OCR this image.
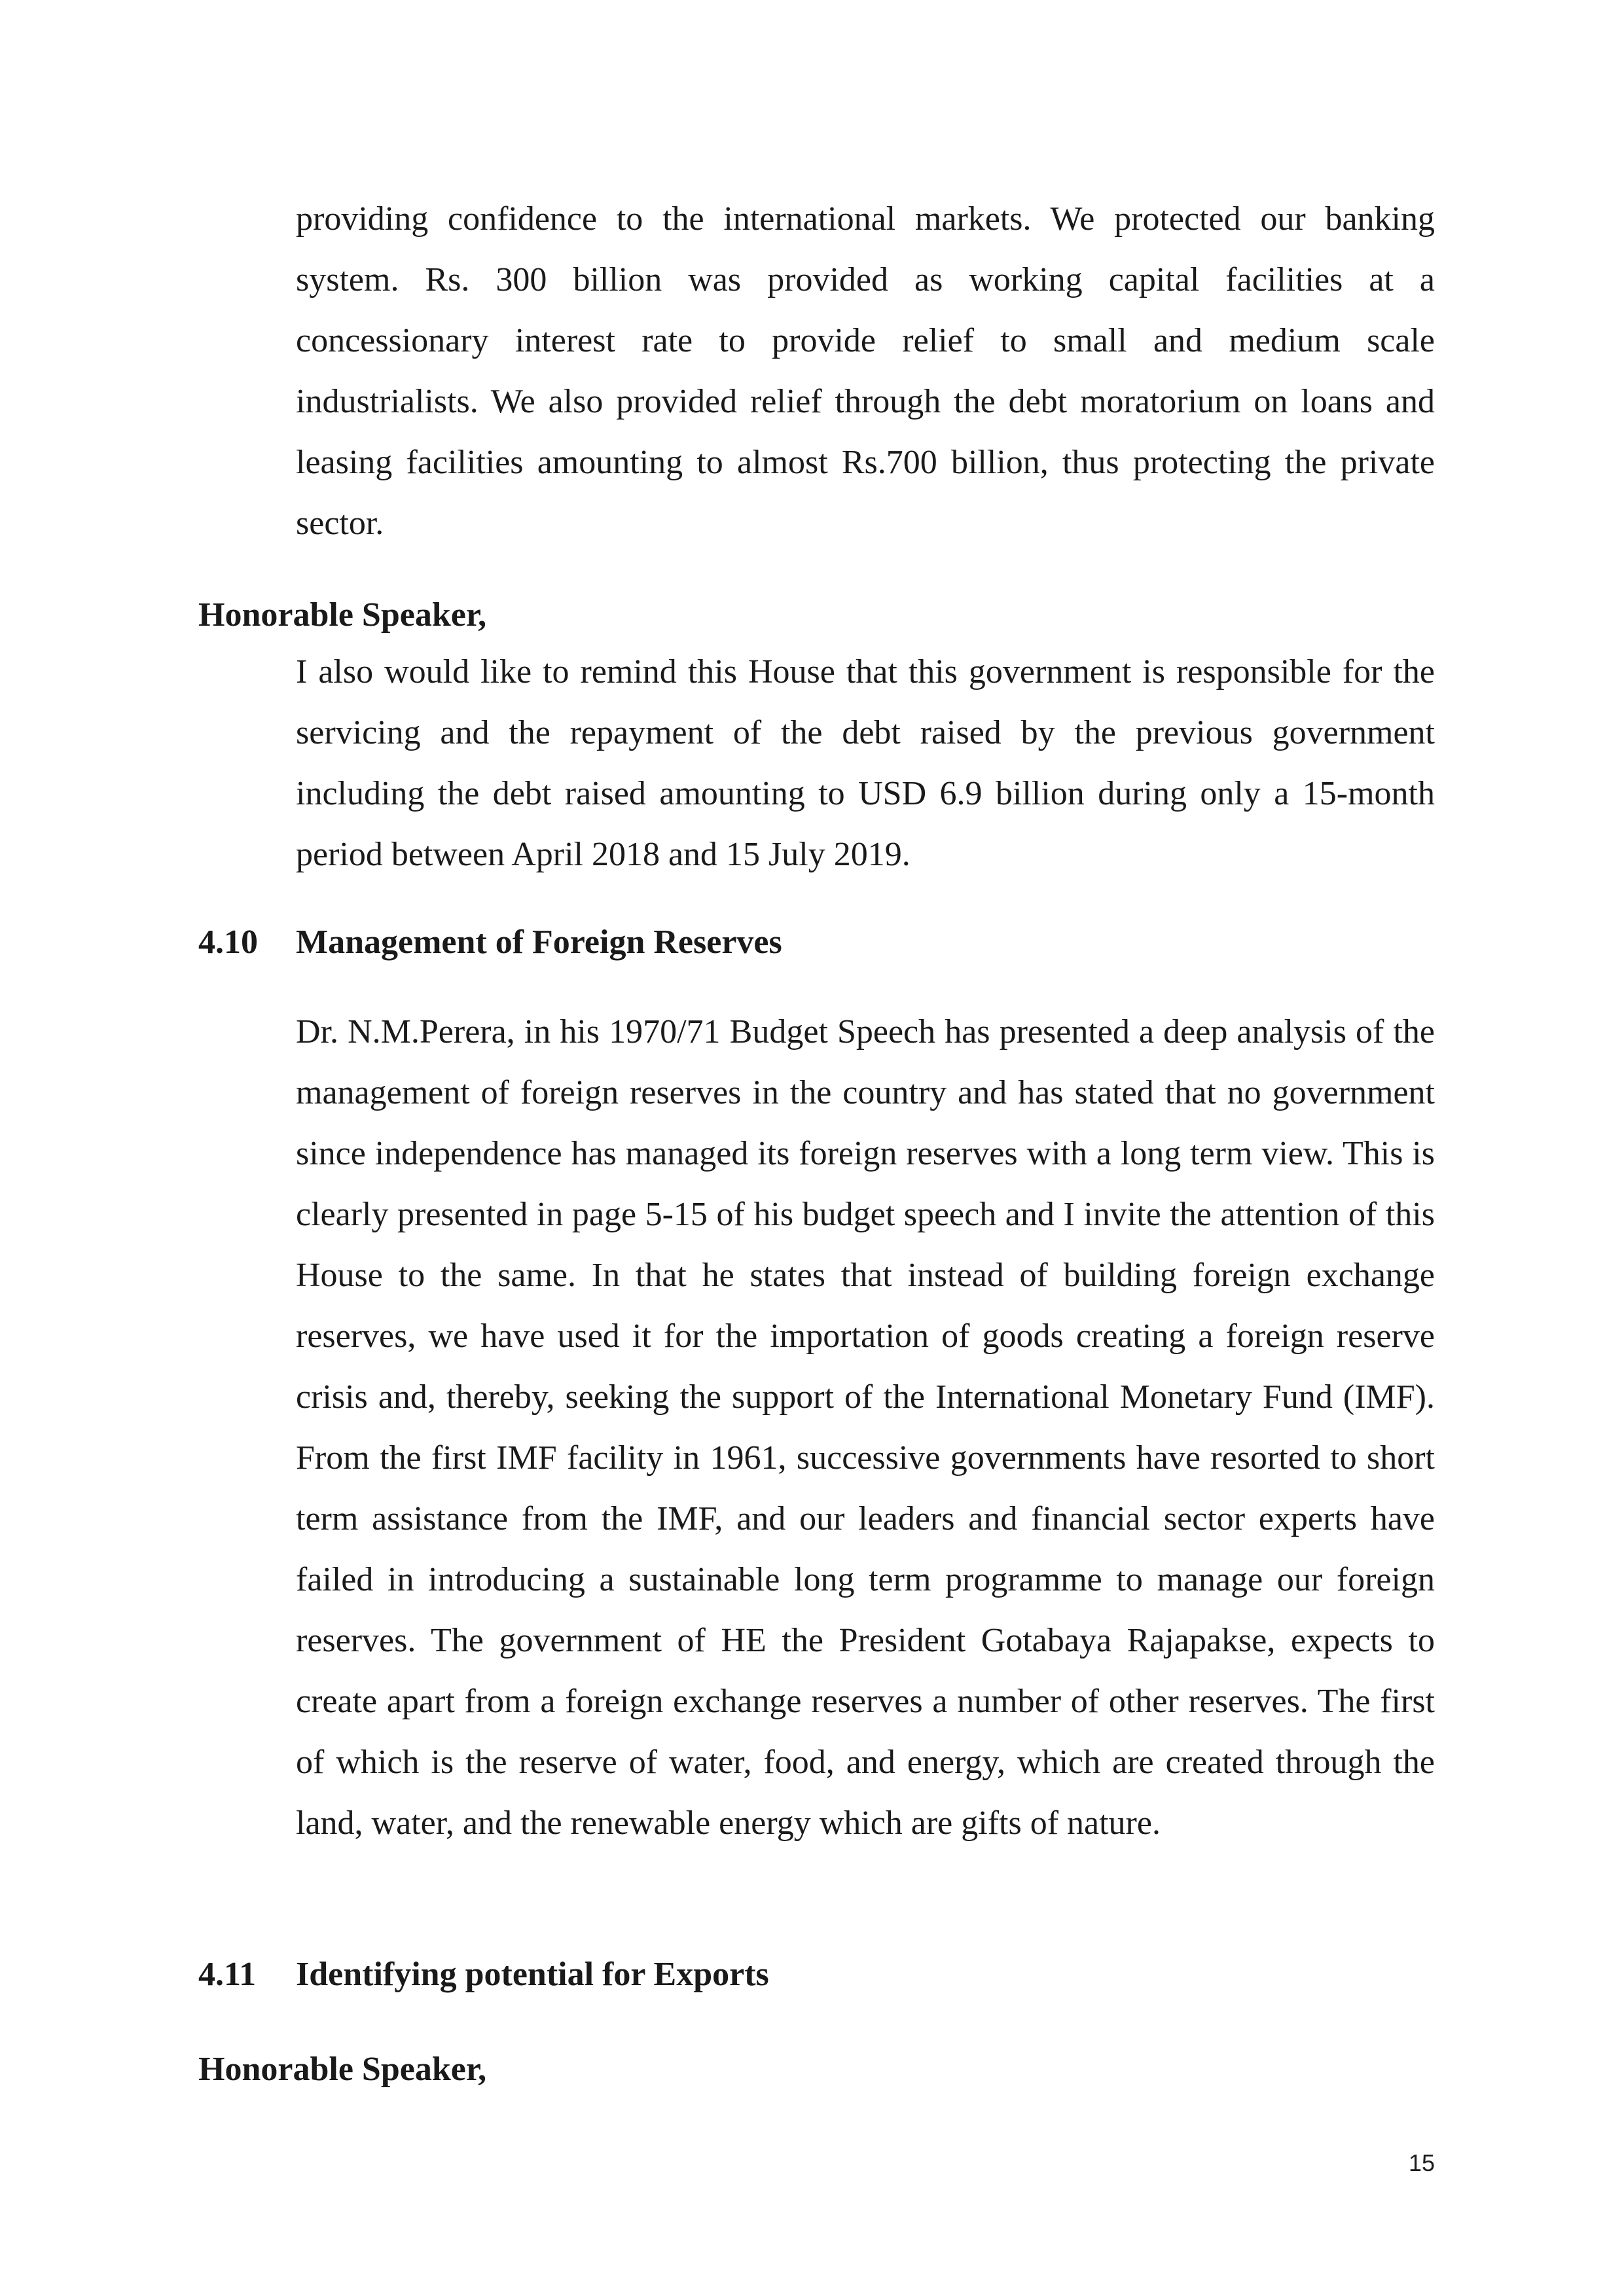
providing confidence to the international markets. We protected our banking system. Rs. 300 billion was provided as working capital facilities at a concessionary interest rate to provide relief to small and medium scale industrialists. We also provided relief through the debt moratorium on loans and leasing facilities amounting to almost Rs.700 billion, thus protecting the private sector.

Honorable Speaker,

I also would like to remind this House that this government is responsible for the servicing and the repayment of the debt raised by the previous government including the debt raised amounting to USD 6.9 billion during only a 15-month period between April 2018 and 15 July 2019.

4.10 Management of Foreign Reserves

Dr. N.M.Perera, in his 1970/71 Budget Speech has presented a deep analysis of the management of foreign reserves in the country and has stated that no government since independence has managed its foreign reserves with a long term view. This is clearly presented in page 5-15 of his budget speech and I invite the attention of this House to the same. In that he states that instead of building foreign exchange reserves, we have used it for the importation of goods creating a foreign reserve crisis and, thereby, seeking the support of the International Monetary Fund (IMF). From the first IMF facility in 1961, successive governments have resorted to short term assistance from the IMF, and our leaders and financial sector experts have failed in introducing a sustainable long term programme to manage our foreign reserves. The government of HE the President Gotabaya Rajapakse, expects to create apart from a foreign exchange reserves a number of other reserves. The first of which is the reserve of water, food, and energy, which are created through the land, water, and the renewable energy which are gifts of nature.

4.11 Identifying potential for Exports

Honorable Speaker,

15
